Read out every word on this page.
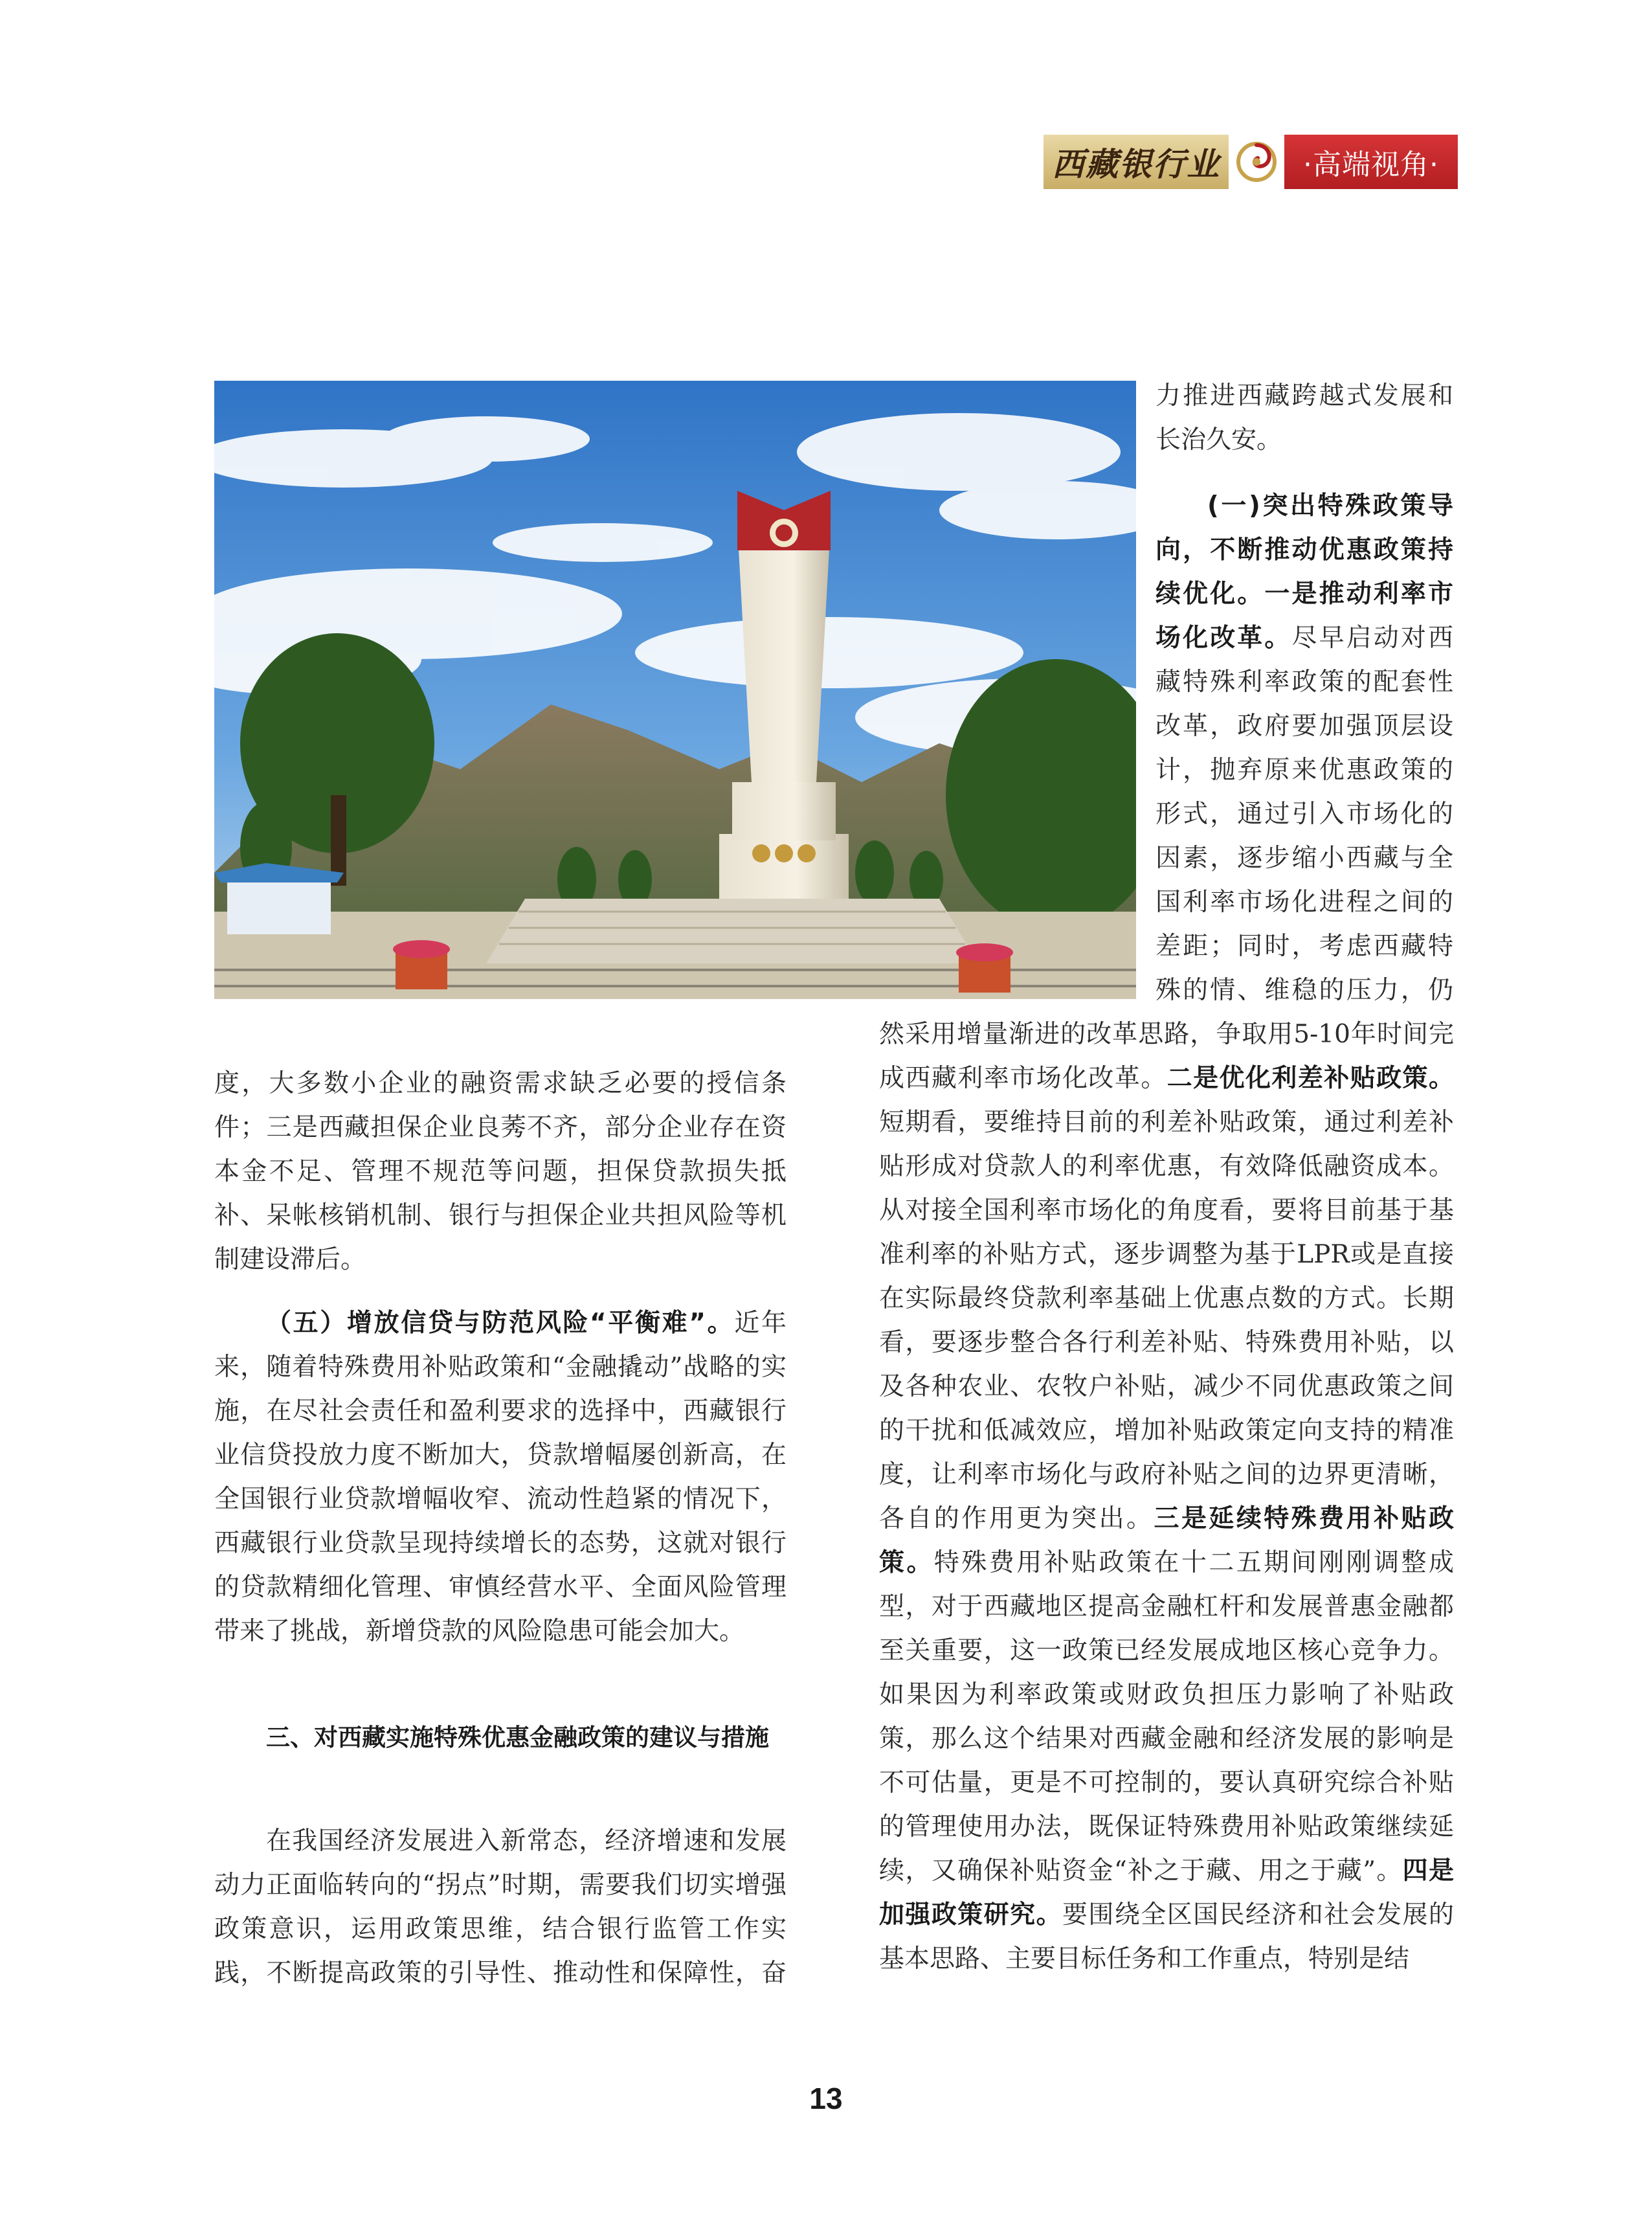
西藏银行业	·高端视角·

力推进西藏跨越式发展和长治久安。

(一)突出特殊政策导向，不断推动优惠政策持续优化。一是推动利率市场化改革。尽早启动对西藏特殊利率政策的配套性改革，政府要加强顶层设计，抛弃原来优惠政策的形式，通过引入市场化的因素，逐步缩小西藏与全国利率市场化进程之间的差距；同时，考虑西藏特殊的情、维稳的压力，仍

然采用增量渐进的改革思路，争取用5-10年时间完成西藏利率市场化改革。二是优化利差补贴政策。短期看，要维持目前的利差补贴政策，通过利差补贴形成对贷款人的利率优惠，有效降低融资成本。从对接全国利率市场化的角度看，要将目前基于基准利率的补贴方式，逐步调整为基于LPR或是直接在实际最终贷款利率基础上优惠点数的方式。长期看，要逐步整合各行利差补贴、特殊费用补贴，以及各种农业、农牧户补贴，减少不同优惠政策之间的干扰和低减效应，增加补贴政策定向支持的精准度，让利率市场化与政府补贴之间的边界更清晰，各自的作用更为突出。三是延续特殊费用补贴政策。特殊费用补贴政策在十二五期间刚刚调整成型，对于西藏地区提高金融杠杆和发展普惠金融都至关重要，这一政策已经发展成地区核心竞争力。如果因为利率政策或财政负担压力影响了补贴政策，那么这个结果对西藏金融和经济发展的影响是不可估量，更是不可控制的，要认真研究综合补贴的管理使用办法，既保证特殊费用补贴政策继续延续，又确保补贴资金“补之于藏、用之于藏”。四是加强政策研究。要围绕全区国民经济和社会发展的基本思路、主要目标任务和工作重点，特别是结

度，大多数小企业的融资需求缺乏必要的授信条件；三是西藏担保企业良莠不齐，部分企业存在资本金不足、管理不规范等问题，担保贷款损失抵补、呆帐核销机制、银行与担保企业共担风险等机制建设滞后。

（五）增放信贷与防范风险“平衡难”。近年来，随着特殊费用补贴政策和“金融撬动”战略的实施，在尽社会责任和盈利要求的选择中，西藏银行业信贷投放力度不断加大，贷款增幅屡创新高，在全国银行业贷款增幅收窄、流动性趋紧的情况下，西藏银行业贷款呈现持续增长的态势，这就对银行的贷款精细化管理、审慎经营水平、全面风险管理带来了挑战，新增贷款的风险隐患可能会加大。

三、对西藏实施特殊优惠金融政策的建议与措施

在我国经济发展进入新常态，经济增速和发展动力正面临转向的“拐点”时期，需要我们切实增强政策意识，运用政策思维，结合银行监管工作实践，不断提高政策的引导性、推动性和保障性，奋

13
